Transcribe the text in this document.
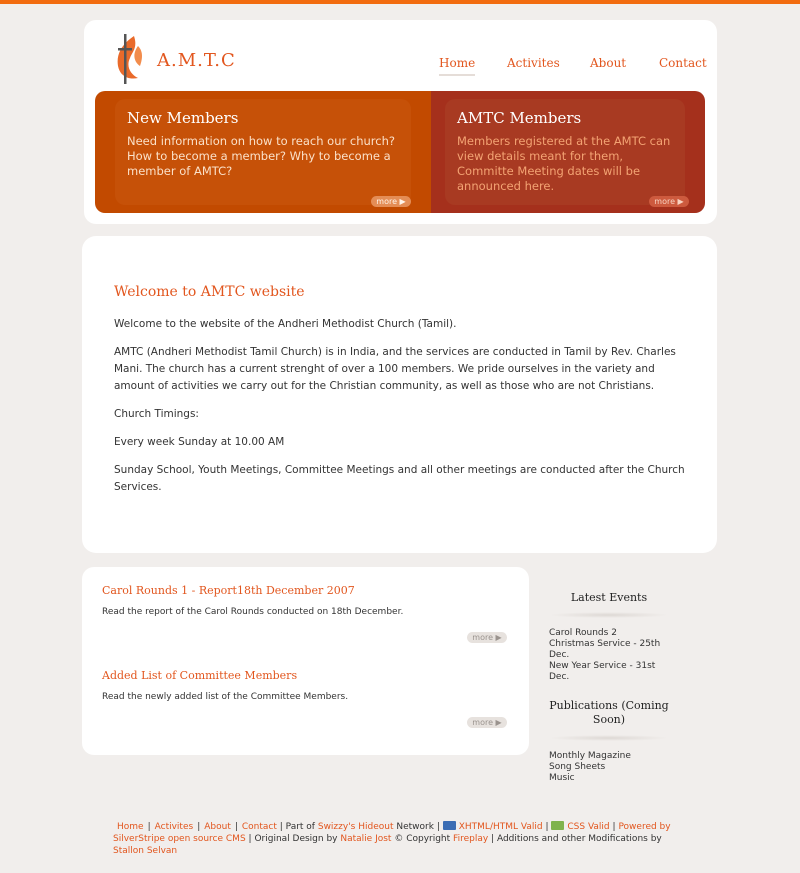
A.M.T.C	Home	Activites	About	Contact
New Members

Need information on how to reach our church? How to become a member? Why to become a member of AMTC?

more ▶
AMTC Members

Members registered at the AMTC can view details meant for them, Committe Meeting dates will be announced here.

more ▶
Welcome to AMTC website

Welcome to the website of the Andheri Methodist Church (Tamil).

AMTC (Andheri Methodist Tamil Church) is in India, and the services are conducted in Tamil by Rev. Charles Mani. The church has a current strenght of over a 100 members. We pride ourselves in the variety and amount of activities we carry out for the Christian community, as well as those who are not Christians.

Church Timings:

Every week Sunday at 10.00 AM

Sunday School, Youth Meetings, Committee Meetings and all other meetings are conducted after the Church Services.

Carol Rounds 1 - Report18th December 2007

Read the report of the Carol Rounds conducted on 18th December.

more ▶
Added List of Committee Members

Read the newly added list of the Committee Members.

more ▶
Latest Events
Carol Rounds 2
Christmas Service - 25th Dec.
New Year Service - 31st Dec.
Publications (Coming Soon)
Monthly Magazine
Song Sheets
Music
Home | Activites | About | Contact | Part of Swizzy's Hideout Network | XHTML/HTML Valid | CSS Valid | Powered by SilverStripe open source CMS | Original Design by Natalie Jost © Copyright Fireplay | Additions and other Modifications by Stallon Selvan
